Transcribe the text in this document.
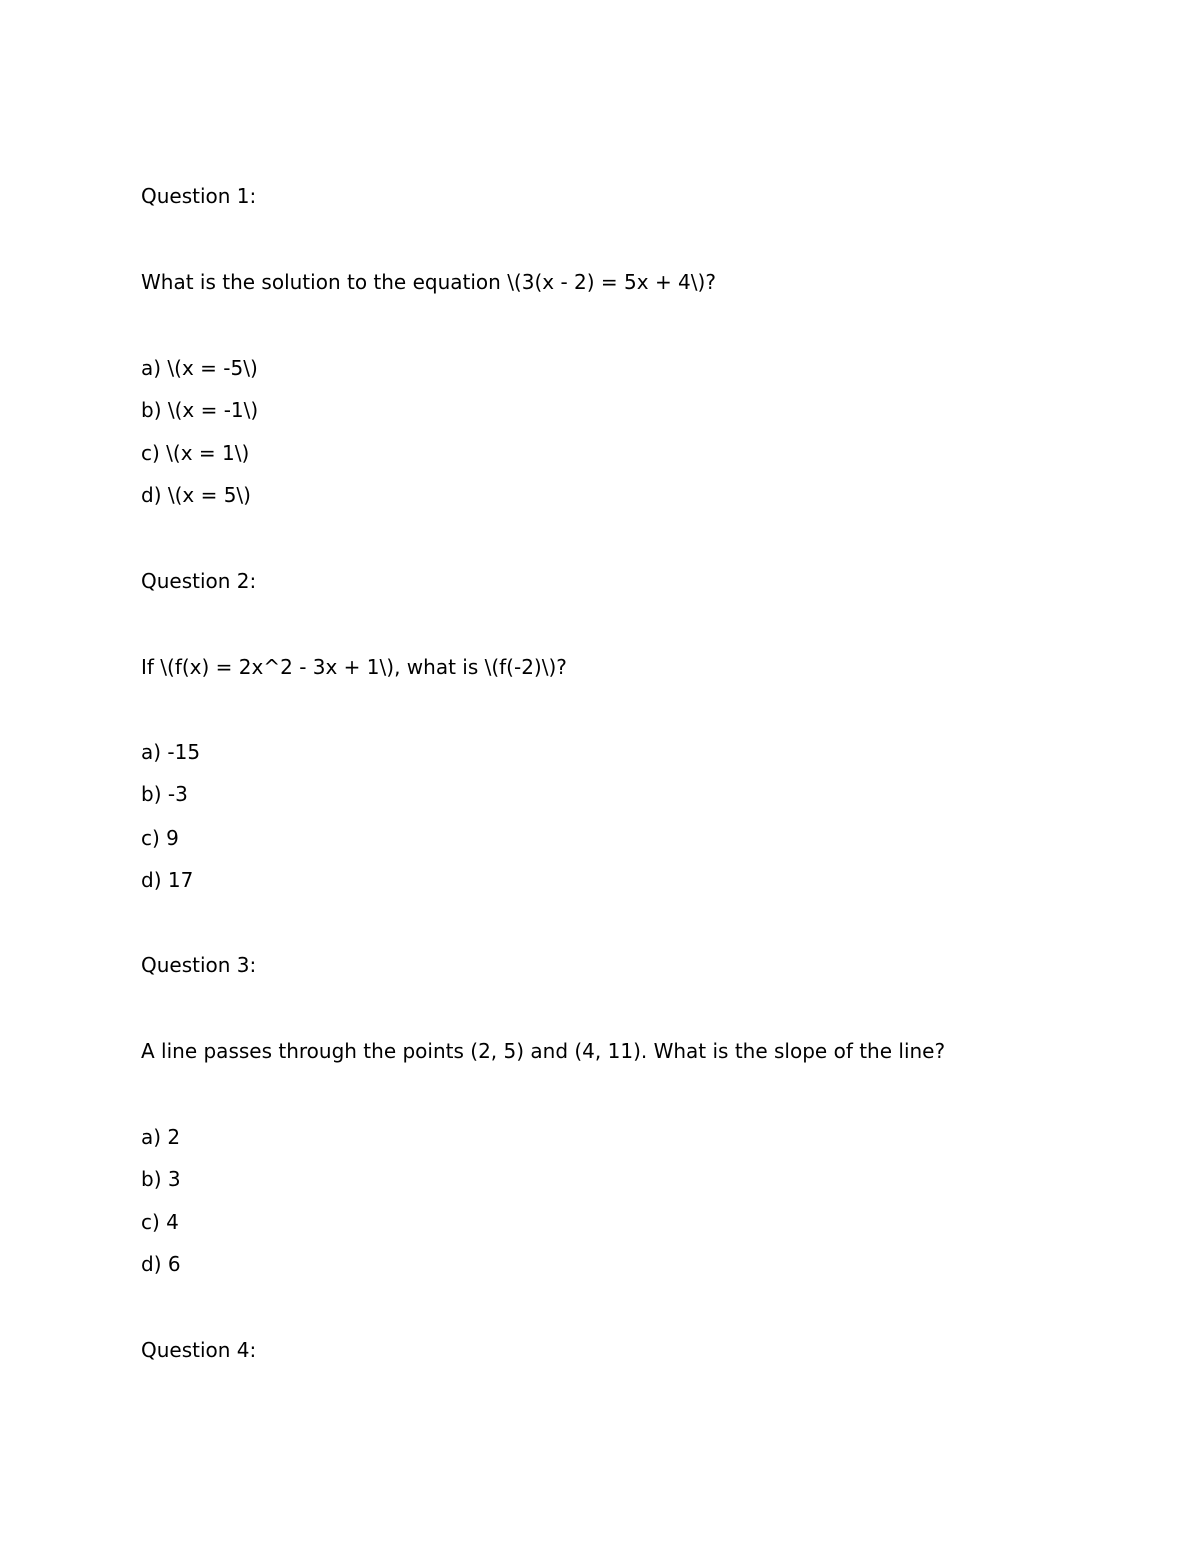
Question 1:

What is the solution to the equation \(3(x - 2) = 5x + 4\)?

a) \(x = -5\)

b) \(x = -1\)

c) \(x = 1\)

d) \(x = 5\)

Question 2:

If \(f(x) = 2x^2 - 3x + 1\), what is \(f(-2)\)?

a) -15

b) -3

c) 9

d) 17

Question 3:

A line passes through the points (2, 5) and (4, 11). What is the slope of the line?

a) 2

b) 3

c) 4

d) 6

Question 4:
